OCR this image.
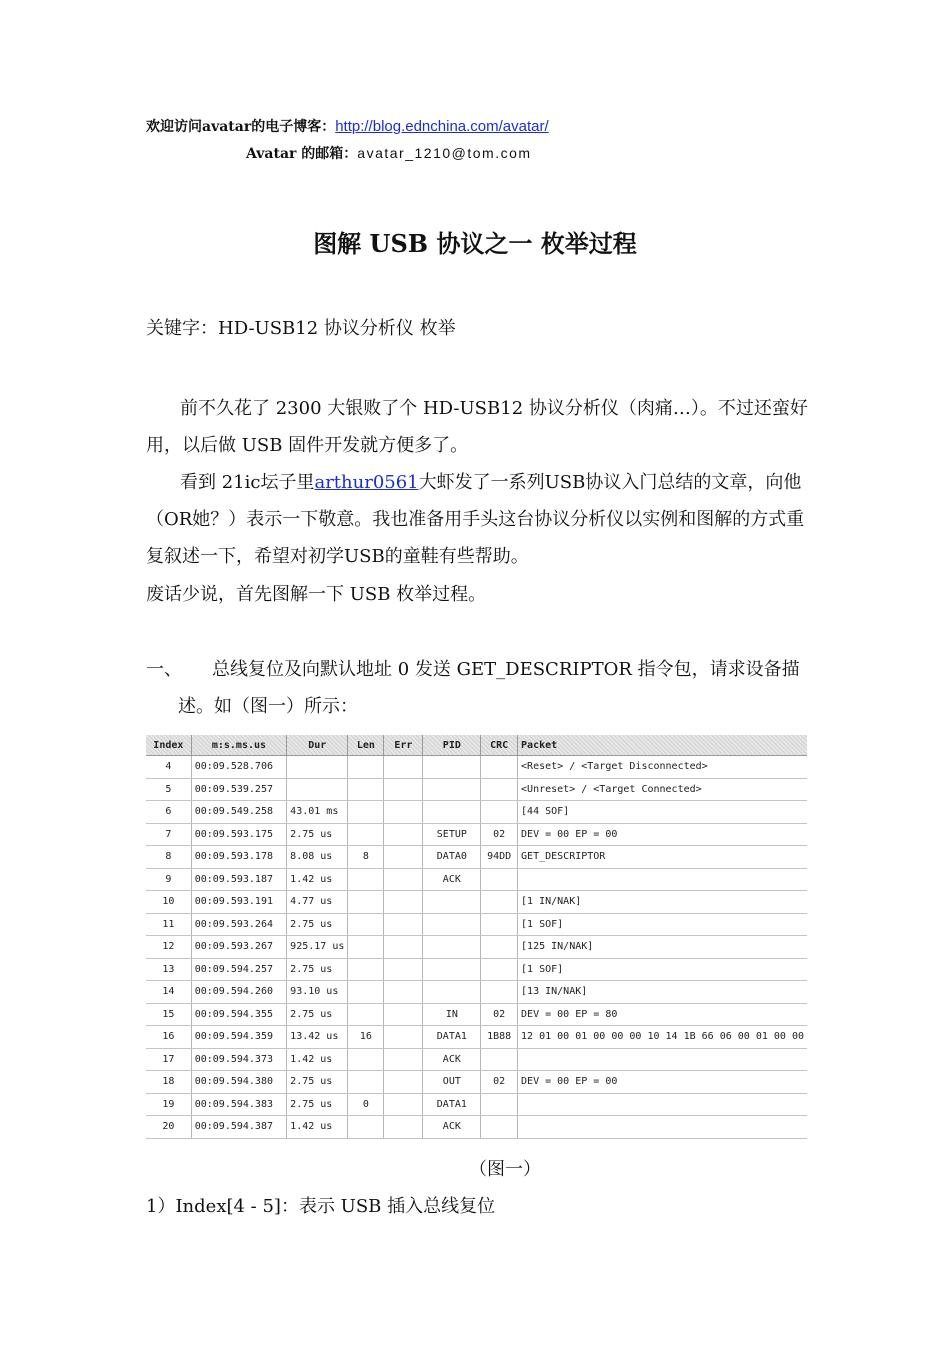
欢迎访问avatar的电子博客：http://blog.ednchina.com/avatar/
Avatar 的邮箱：avatar_1210@tom.com
图解 USB 协议之一 枚举过程
关键字：HD-USB12 协议分析仪 枚举
前不久花了 2300 大银败了个 HD-USB12 协议分析仪（肉痛…）。不过还蛮好用，以后做 USB 固件开发就方便多了。
看到 21ic坛子里arthur0561大虾发了一系列USB协议入门总结的文章，向他（OR她？）表示一下敬意。我也准备用手头这台协议分析仪以实例和图解的方式重复叙述一下，希望对初学USB的童鞋有些帮助。
废话少说，首先图解一下 USB 枚举过程。
一、 总线复位及向默认地址 0 发送 GET_DESCRIPTOR 指令包，请求设备描
述。如（图一）所示：
Index	m:s.ms.us	Dur	Len	Err	PID	CRC	Packet
4	00:09.528.706						<Reset> / <Target Disconnected>
5	00:09.539.257						<Unreset> / <Target Connected>
6	00:09.549.258	43.01 ms					[44 SOF]
7	00:09.593.175	2.75 us			SETUP	02	DEV = 00 EP = 00
8	00:09.593.178	8.08 us	8		DATA0	94DD	GET_DESCRIPTOR
9	00:09.593.187	1.42 us			ACK		
10	00:09.593.191	4.77 us					[1 IN/NAK]
11	00:09.593.264	2.75 us					[1 SOF]
12	00:09.593.267	925.17 us					[125 IN/NAK]
13	00:09.594.257	2.75 us					[1 SOF]
14	00:09.594.260	93.10 us					[13 IN/NAK]
15	00:09.594.355	2.75 us			IN	02	DEV = 00 EP = 80
16	00:09.594.359	13.42 us	16		DATA1	1B88	12 01 00 01 00 00 00 10 14 1B 66 06 00 01 00 00
17	00:09.594.373	1.42 us			ACK		
18	00:09.594.380	2.75 us			OUT	02	DEV = 00 EP = 00
19	00:09.594.383	2.75 us	0		DATA1		
20	00:09.594.387	1.42 us			ACK		
（图一）
1）Index[4 - 5]：表示 USB 插入总线复位
